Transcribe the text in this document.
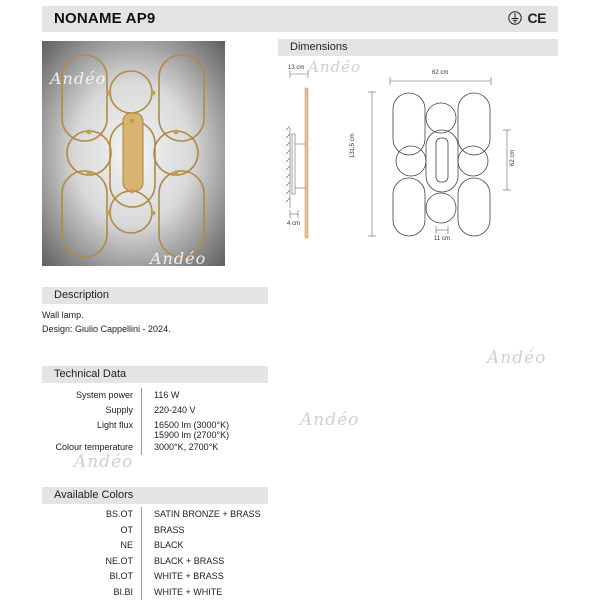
NONAME AP9	CE
Andéo
Andéo
Dimensions
13 cm
4 cm
62 cm
131,5 cm	62 cm
11 cm
Andéo
Description
Wall lamp.
Design: Giulio Cappellini - 2024.
Andéo
Andéo
Andéo
Technical Data
System power	116 W
Supply	220-240 V
Light flux	16500 lm (3000°K)
15900 lm (2700°K)
Colour temperature	3000°K, 2700°K
Available Colors
BS.OT	SATIN BRONZE + BRASS
OT	BRASS
NE	BLACK
NE.OT	BLACK + BRASS
BI.OT	WHITE + BRASS
BI.BI	WHITE + WHITE
